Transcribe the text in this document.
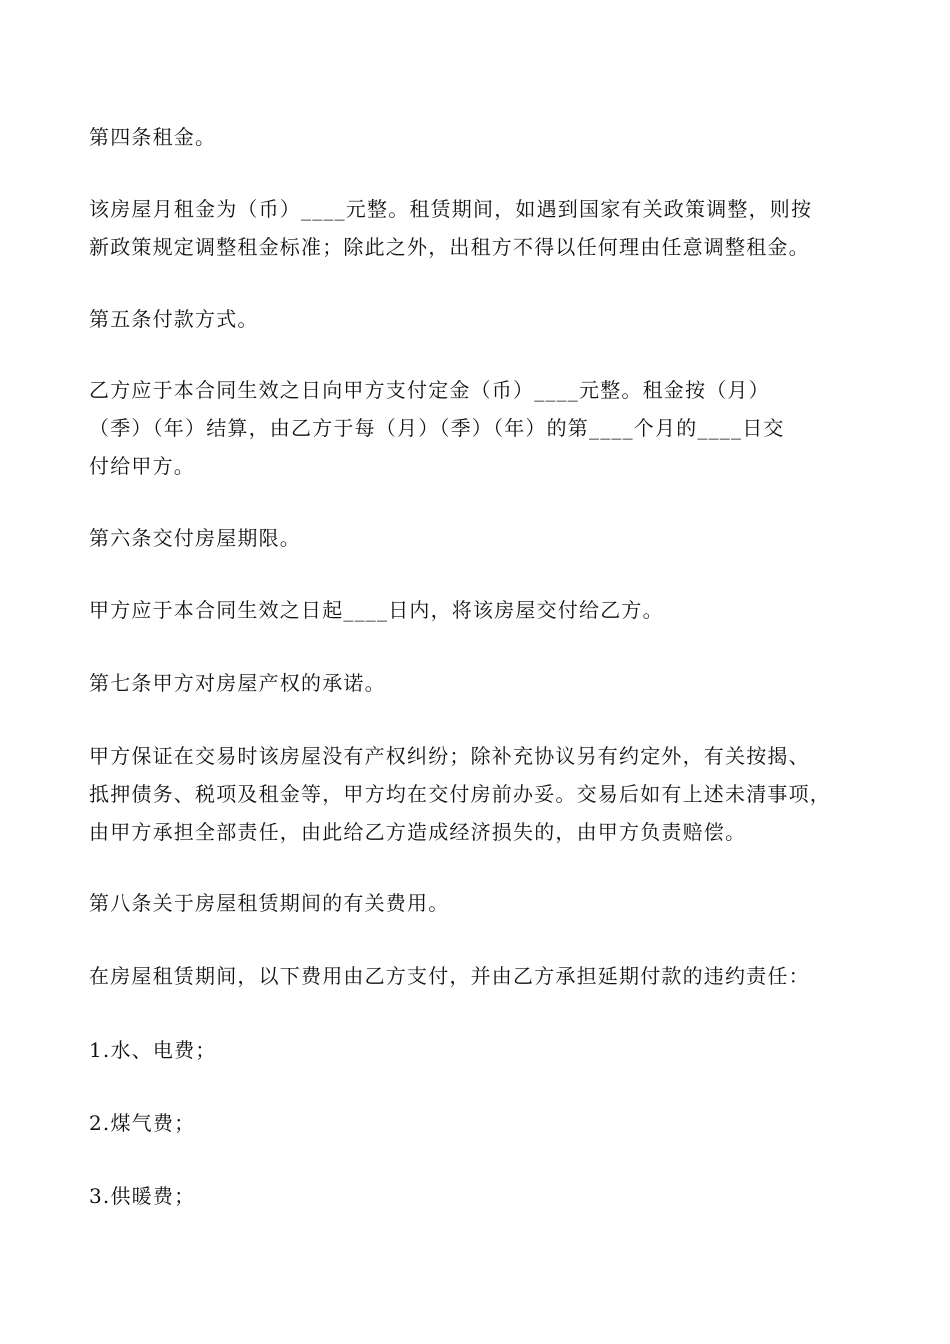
第四条租金。
该房屋月租金为（币）____元整。租赁期间，如遇到国家有关政策调整，则按
新政策规定调整租金标准；除此之外，出租方不得以任何理由任意调整租金。
第五条付款方式。
乙方应于本合同生效之日向甲方支付定金（币）____元整。租金按（月）
（季）（年）结算，由乙方于每（月）（季）（年）的第____个月的____日交
付给甲方。
第六条交付房屋期限。
甲方应于本合同生效之日起____日内，将该房屋交付给乙方。
第七条甲方对房屋产权的承诺。
甲方保证在交易时该房屋没有产权纠纷；除补充协议另有约定外，有关按揭、
抵押债务、税项及租金等，甲方均在交付房前办妥。交易后如有上述未清事项，
由甲方承担全部责任，由此给乙方造成经济损失的，由甲方负责赔偿。
第八条关于房屋租赁期间的有关费用。
在房屋租赁期间，以下费用由乙方支付，并由乙方承担延期付款的违约责任：
1.水、电费；
2.煤气费；
3.供暖费；
